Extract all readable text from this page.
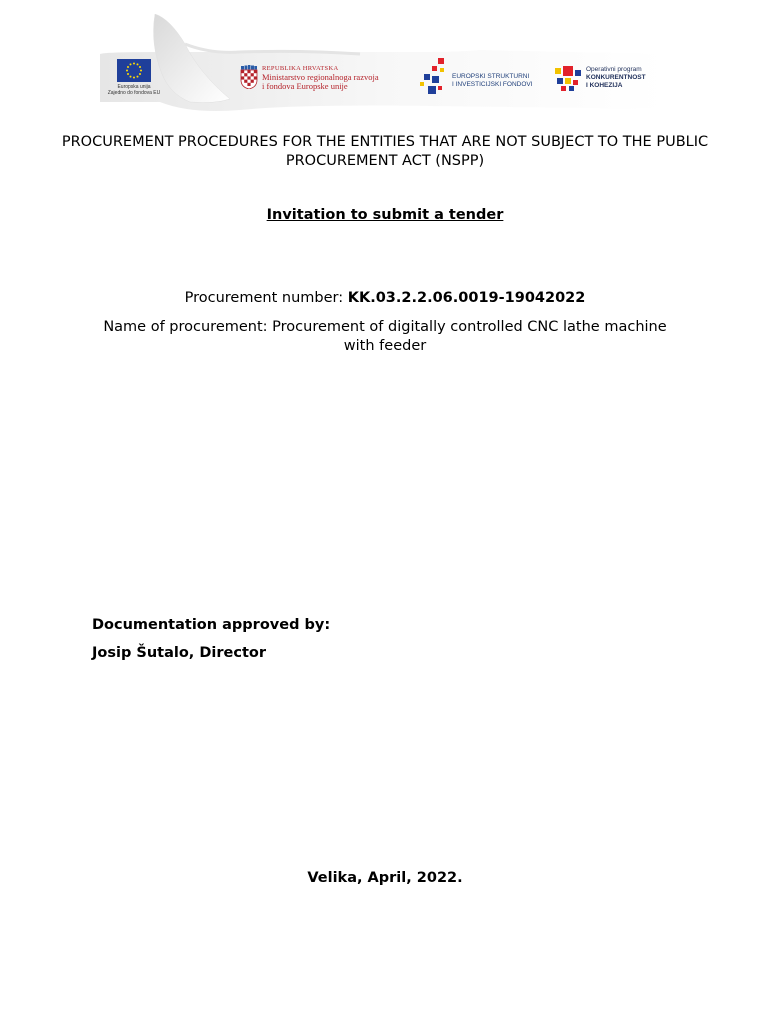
Europska unija
Zajedno do fondova EU
REPUBLIKA HRVATSKA
Ministarstvo regionalnoga razvoja
i fondova Europske unije
EUROPSKI STRUKTURNI
I INVESTICIJSKI FONDOVI
Operativni program
KONKURENTNOST
I KOHEZIJA
PROCUREMENT PROCEDURES FOR THE ENTITIES THAT ARE NOT SUBJECT TO THE PUBLIC PROCUREMENT ACT (NSPP)
Invitation to submit a tender

Procurement number: KK.03.2.2.06.0019-19042022

Name of procurement: Procurement of digitally controlled CNC lathe machine with feeder

Documentation approved by:

Josip Šutalo, Director

Velika, April, 2022.
